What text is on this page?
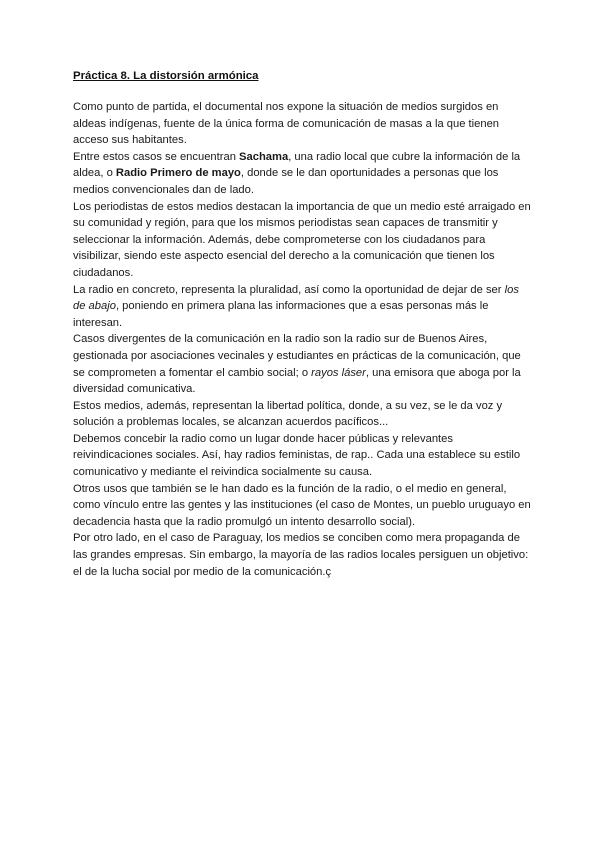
Práctica 8. La distorsión armónica
Como punto de partida, el documental nos expone la situación de medios surgidos en
aldeas indígenas, fuente de la única forma de comunicación de masas a la que tienen
acceso sus habitantes.
Entre estos casos se encuentran Sachama, una radio local que cubre la información de la
aldea, o Radio Primero de mayo, donde se le dan oportunidades a personas que los
medios convencionales dan de lado.
Los periodistas de estos medios destacan la importancia de que un medio esté arraigado en
su comunidad y región, para que los mismos periodistas sean capaces de transmitir y
seleccionar la información. Además, debe comprometerse con los ciudadanos para
visibilizar, siendo este aspecto esencial del derecho a la comunicación que tienen los
ciudadanos.
La radio en concreto, representa la pluralidad, así como la oportunidad de dejar de ser los
de abajo, poniendo en primera plana las informaciones que a esas personas más le
interesan.
Casos divergentes de la comunicación en la radio son la radio sur de Buenos Aires,
gestionada por asociaciones vecinales y estudiantes en prácticas de la comunicación, que
se comprometen a fomentar el cambio social; o rayos láser, una emisora que aboga por la
diversidad comunicativa.
Estos medios, además, representan la libertad política, donde, a su vez, se le da voz y
solución a problemas locales, se alcanzan acuerdos pacíficos...
Debemos concebir la radio como un lugar donde hacer públicas y relevantes
reivindicaciones sociales. Así, hay radios feministas, de rap.. Cada una establece su estilo
comunicativo y mediante el reivindica socialmente su causa.
Otros usos que también se le han dado es la función de la radio, o el medio en general,
como vínculo entre las gentes y las instituciones (el caso de Montes, un pueblo uruguayo en
decadencia hasta que la radio promulgó un intento desarrollo social).
Por otro lado, en el caso de Paraguay, los medios se conciben como mera propaganda de
las grandes empresas. Sin embargo, la mayoría de las radios locales persiguen un objetivo:
el de la lucha social por medio de la comunicación.ç
